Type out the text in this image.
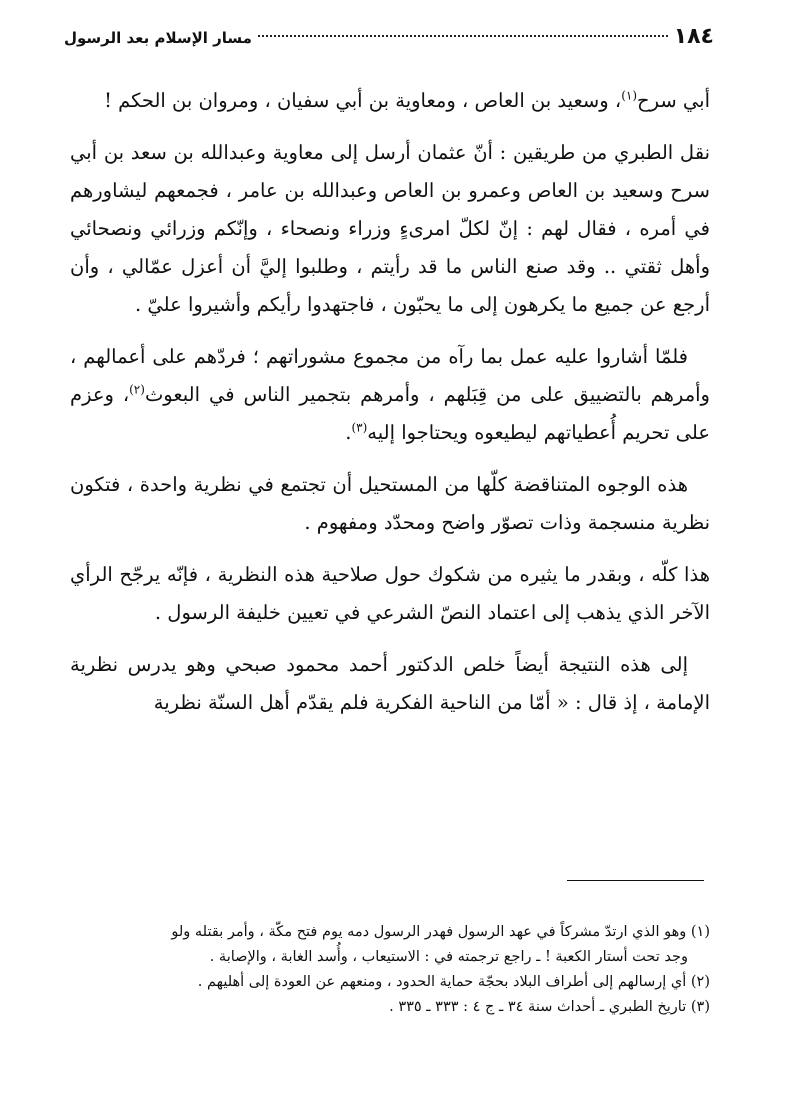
١٨٤
مسار الإسلام بعد الرسول

أبي سرح$^{(١)}$، وسعيد بن العاص ، ومعاوية بن أبي سفيان ، ومروان بن الحكم !

نقل الطبري من طريقين : أنّ عثمان أرسل إلى معاوية وعبدالله بن سعد بن أبي سرح وسعيد بن العاص وعمرو بن العاص وعبدالله بن عامر ، فجمعهم ليشاورهم في أمره ، فقال لهم : إنّ لكلّ امرىءٍ وزراء ونصحاء ، وإنّكم وزرائي ونصحائي وأهل ثقتي .. وقد صنع الناس ما قد رأيتم ، وطلبوا إليَّ أن أعزل عمّالي ، وأن أرجع عن جميع ما يكرهون إلى ما يحبّون ، فاجتهدوا رأيكم وأشيروا عليّ .

فلمّا أشاروا عليه عمل بما رآه من مجموع مشوراتهم ؛ فردّهم على أعمالهم ، وأمرهم بالتضييق على من قِبَلهم ، وأمرهم بتجمير الناس في البعوث$^{(٢)}$، وعزم على تحريم أُعطياتهم ليطيعوه ويحتاجوا إليه$^{(٣)}$.

هذه الوجوه المتناقضة كلّها من المستحيل أن تجتمع في نظرية واحدة ، فتكون نظرية منسجمة وذات تصوّر واضح ومحدّد ومفهوم .

هذا كلّه ، وبقدر ما يثيره من شكوك حول صلاحية هذه النظرية ، فإنّه يرجّح الرأي الآخر الذي يذهب إلى اعتماد النصّ الشرعي في تعيين خليفة الرسول .

إلى هذه النتيجة أيضاً خلص الدكتور أحمد محمود صبحي وهو يدرس نظرية الإمامة ، إذ قال : « أمّا من الناحية الفكرية فلم يقدّم أهل السنّة نظرية

(١) وهو الذي ارتدّ مشركاً في عهد الرسول فهدر الرسول دمه يوم فتح مكّة ، وأمر بقتله ولو
وجد تحت أستار الكعبة ! ـ راجع ترجمته في : الاستيعاب ، وأُسد الغابة ، والإصابة .

(٢) أي إرسالهم إلى أطراف البلاد بحجّة حماية الحدود ، ومنعهم عن العودة إلى أهليهم .

(٣) تاريخ الطبري ـ أحداث سنة ٣٤ ـ ج ٤ : ٣٣٣ ـ ٣٣٥ .
